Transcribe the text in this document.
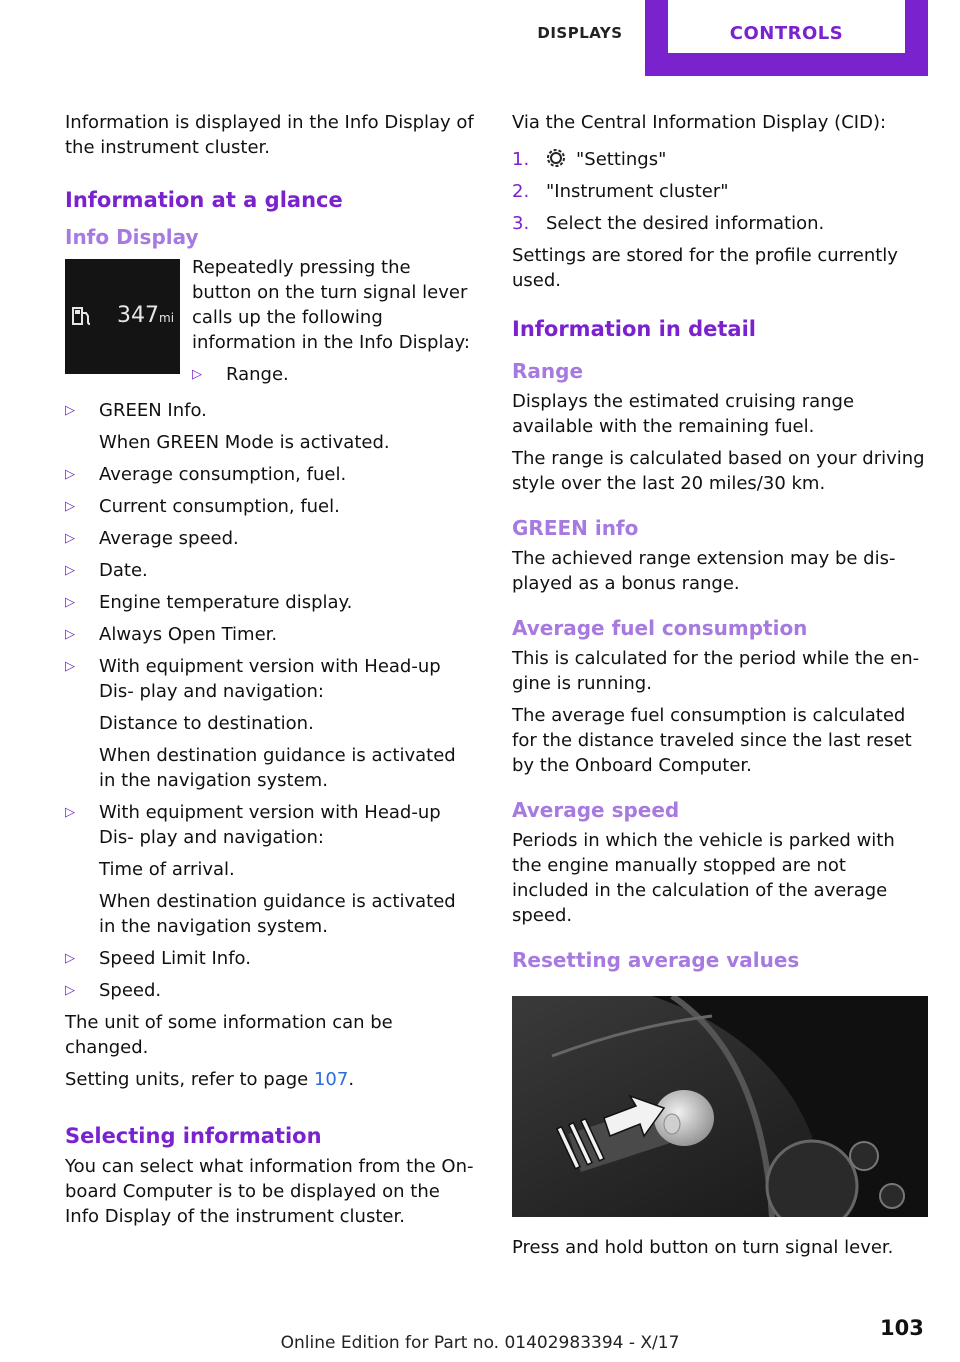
DISPLAYS	CONTROLS

Information is displayed in the Info Display of the instrument cluster.

Information at a glance
Info Display
347 mi

Repeatedly pressing the button on the turn signal lever calls up the following information in the Info Display:

▷ Range.
▷ GREEN Info.

When GREEN Mode is activated.

▷ Average consumption, fuel.
▷ Current consumption, fuel.
▷ Average speed.
▷ Date.
▷ Engine temperature display.
▷ Always Open Timer.
▷ With equipment version with Head-up Dis‐ play and navigation:

Distance to destination.

When destination guidance is activated in the navigation system.

▷ With equipment version with Head-up Dis‐ play and navigation:

Time of arrival.

When destination guidance is activated in the navigation system.

▷ Speed Limit Info.
▷ Speed.

The unit of some information can be changed.

Setting units, refer to page 107.

Selecting information

You can select what information from the On‐ board Computer is to be displayed on the Info Display of the instrument cluster.

Via the Central Information Display (CID):

1.	"Settings"
2. "Instrument cluster"
3. Select the desired information.

Settings are stored for the profile currently used.

Information in detail
Range

Displays the estimated cruising range available with the remaining fuel.

The range is calculated based on your driving style over the last 20 miles/30 km.

GREEN info

The achieved range extension may be dis‐ played as a bonus range.

Average fuel consumption

This is calculated for the period while the en‐ gine is running.

The average fuel consumption is calculated for the distance traveled since the last reset by the Onboard Computer.

Average speed

Periods in which the vehicle is parked with the engine manually stopped are not included in the calculation of the average speed.

Resetting average values

Press and hold button on turn signal lever.

103
Online Edition for Part no. 01402983394 - X/17
